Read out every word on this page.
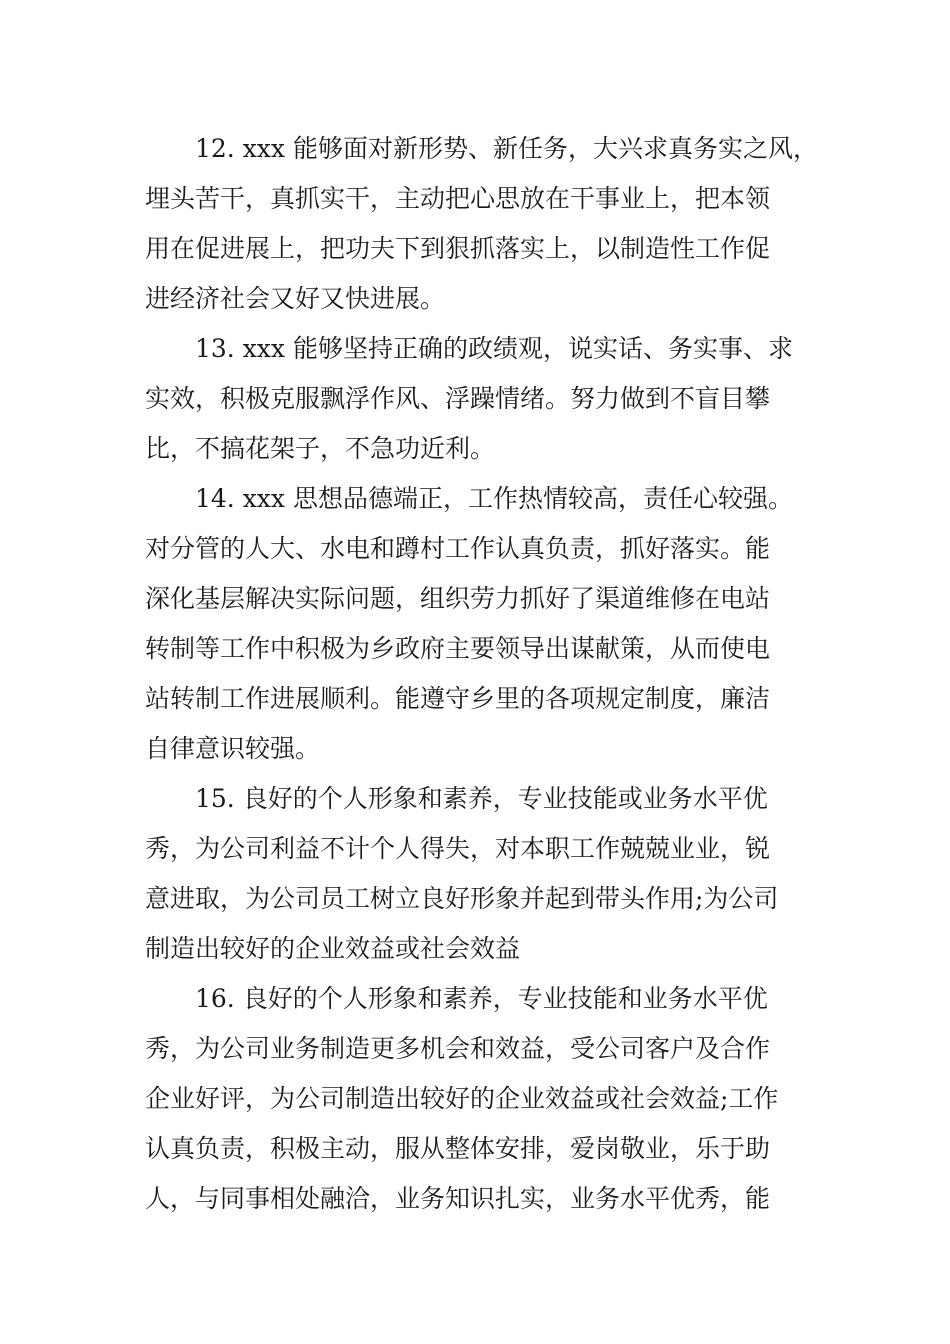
12. xxx 能够面对新形势、新任务，大兴求真务实之风，
埋头苦干，真抓实干，主动把心思放在干事业上，把本领
用在促进展上，把功夫下到狠抓落实上，以制造性工作促
进经济社会又好又快进展。
13. xxx 能够坚持正确的政绩观，说实话、务实事、求
实效，积极克服飘浮作风、浮躁情绪。努力做到不盲目攀
比，不搞花架子，不急功近利。
14. xxx 思想品德端正，工作热情较高，责任心较强。
对分管的人大、水电和蹲村工作认真负责，抓好落实。能
深化基层解决实际问题，组织劳力抓好了渠道维修在电站
转制等工作中积极为乡政府主要领导出谋献策，从而使电
站转制工作进展顺利。能遵守乡里的各项规定制度，廉洁
自律意识较强。
15. 良好的个人形象和素养，专业技能或业务水平优
秀，为公司利益不计个人得失，对本职工作兢兢业业，锐
意进取，为公司员工树立良好形象并起到带头作用;为公司
制造出较好的企业效益或社会效益
16. 良好的个人形象和素养，专业技能和业务水平优
秀，为公司业务制造更多机会和效益，受公司客户及合作
企业好评，为公司制造出较好的企业效益或社会效益;工作
认真负责，积极主动，服从整体安排，爱岗敬业，乐于助
人，与同事相处融洽，业务知识扎实，业务水平优秀，能
